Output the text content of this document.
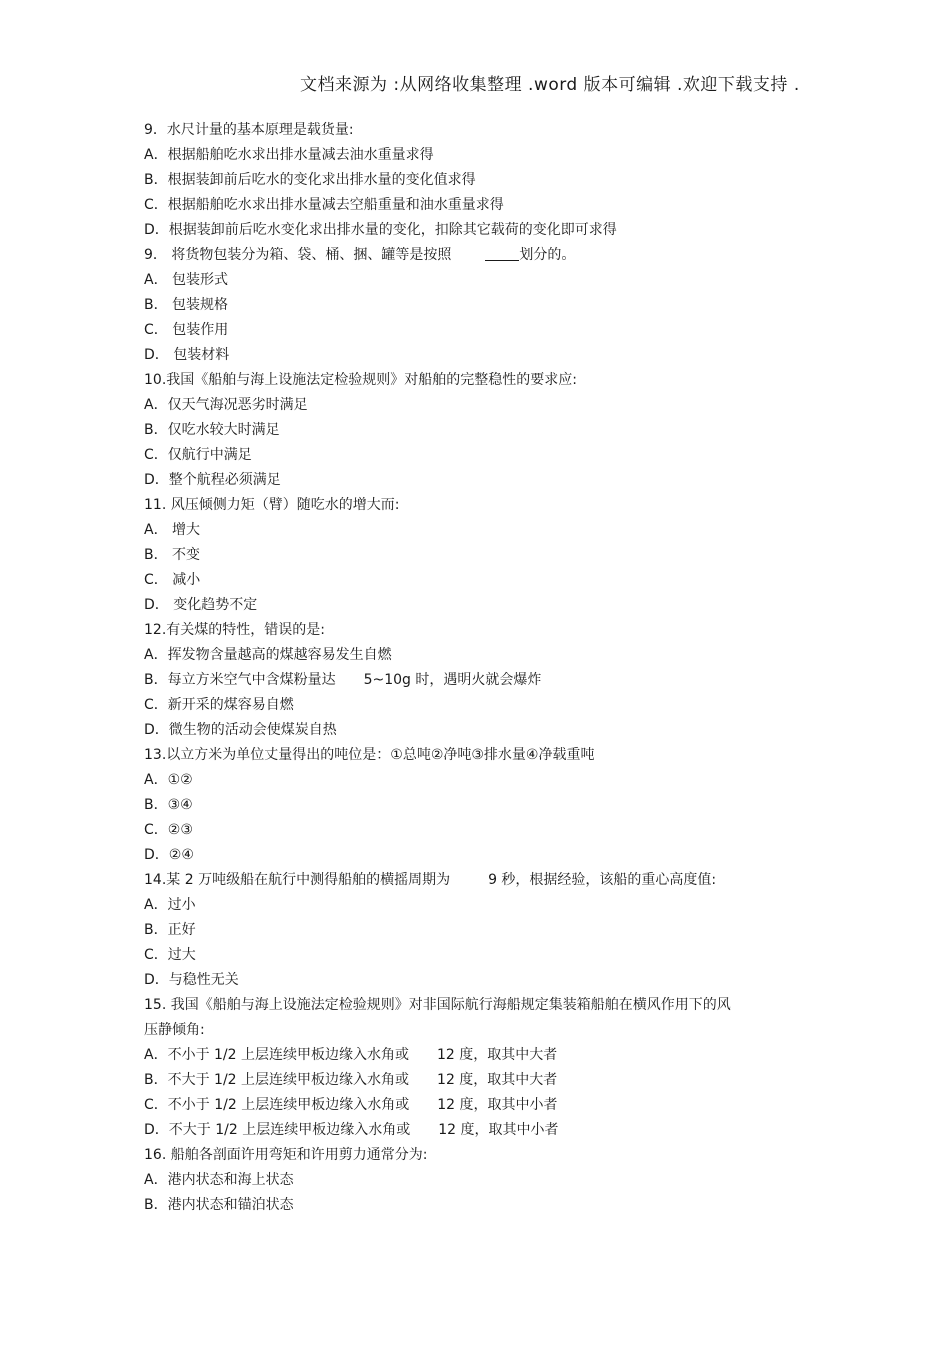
文档来源为 :从网络收集整理 .word 版本可编辑 .欢迎下载支持 .
9．水尺计量的基本原理是载货量:
A．根据船舶吃水求出排水量减去油水重量求得
B．根据装卸前后吃水的变化求出排水量的变化值求得
C．根据船舶吃水求出排水量减去空船重量和油水重量求得
D．根据装卸前后吃水变化求出排水量的变化，扣除其它载荷的变化即可求得
9． 将货物包装分为箱、袋、桶、捆、罐等是按照	划分的。
A． 包装形式
B． 包装规格
C． 包装作用
D． 包装材料
10.我国《船舶与海上设施法定检验规则》对船舶的完整稳性的要求应:
A．仅天气海况恶劣时满足
B．仅吃水较大时满足
C．仅航行中满足
D．整个航程必须满足
11. 风压倾侧力矩（臂）随吃水的增大而:
A． 增大
B． 不变
C． 减小
D． 变化趋势不定
12.有关煤的特性，错误的是:
A．挥发物含量越高的煤越容易发生自燃
B．每立方米空气中含煤粉量达 5~10g 时，遇明火就会爆炸
C．新开采的煤容易自燃
D．微生物的活动会使煤炭自热
13.以立方米为单位丈量得出的吨位是：①总吨②净吨③排水量④净载重吨
A．①②
B．③④
C．②③
D．②④
14.某 2 万吨级船在航行中测得船舶的横摇周期为	9 秒，根据经验，该船的重心高度值:
A．过小
B．正好
C．过大
D．与稳性无关
15. 我国《船舶与海上设施法定检验规则》对非国际航行海船规定集装箱船舶在横风作用下的风压静倾角:
A．不小于 1/2 上层连续甲板边缘入水角或 12 度，取其中大者
B．不大于 1/2 上层连续甲板边缘入水角或 12 度，取其中大者
C．不小于 1/2 上层连续甲板边缘入水角或 12 度，取其中小者
D．不大于 1/2 上层连续甲板边缘入水角或 12 度，取其中小者
16. 船舶各剖面许用弯矩和许用剪力通常分为:
A．港内状态和海上状态
B．港内状态和锚泊状态
